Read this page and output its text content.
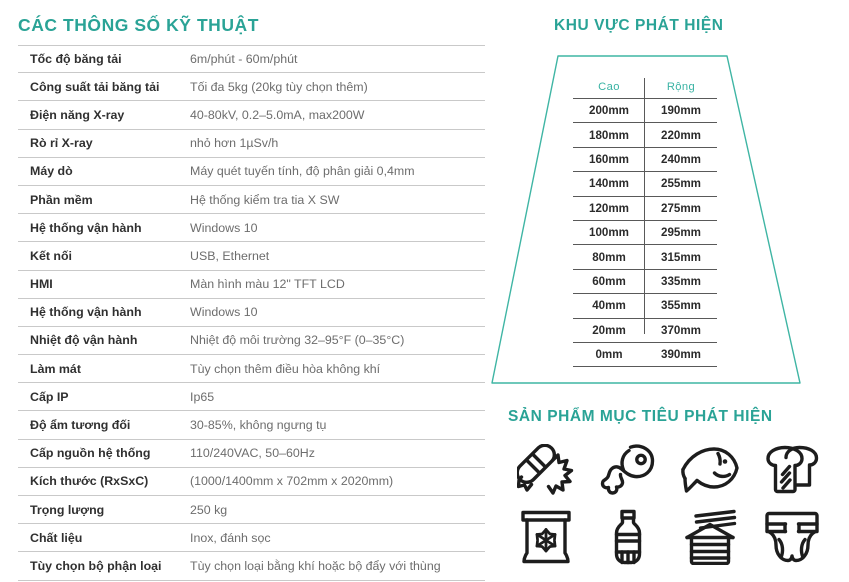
CÁC THÔNG SỐ KỸ THUẬT
Tốc độ băng tải	6m/phút - 60m/phút
Công suất tải băng tải	Tối đa 5kg (20kg tùy chọn thêm)
Điện năng X-ray	40-80kV, 0.2–5.0mA, max200W
Rò rỉ X-ray	nhỏ hơn 1µSv/h
Máy dò	Máy quét tuyến tính, độ phân giải 0,4mm
Phần mềm	Hệ thống kiểm tra tia X SW
Hệ thống vận hành	Windows 10
Kết nối	USB, Ethernet
HMI	Màn hình màu 12" TFT LCD
Hệ thống vận hành	Windows 10
Nhiệt độ vận hành	Nhiệt độ môi trường 32–95°F (0–35°C)
Làm mát	Tùy chọn thêm điều hòa không khí
Cấp IP	Ip65
Độ ẩm tương đối	30-85%, không ngưng tụ
Cấp nguồn hệ thống	110/240VAC, 50–60Hz
Kích thước (RxSxC)	(1000/1400mm x 702mm x 2020mm)
Trọng lượng	250 kg
Chất liệu	Inox, đánh sọc
Tùy chọn bộ phận loại	Tùy chọn loại bằng khí hoặc bộ đẩy với thùng
KHU VỰC PHÁT HIỆN
Cao	Rộng
200mm	190mm
180mm	220mm
160mm	240mm
140mm	255mm
120mm	275mm
100mm	295mm
80mm	315mm
60mm	335mm
40mm	355mm
20mm	370mm
0mm	390mm
SẢN PHẨM MỤC TIÊU PHÁT HIỆN
